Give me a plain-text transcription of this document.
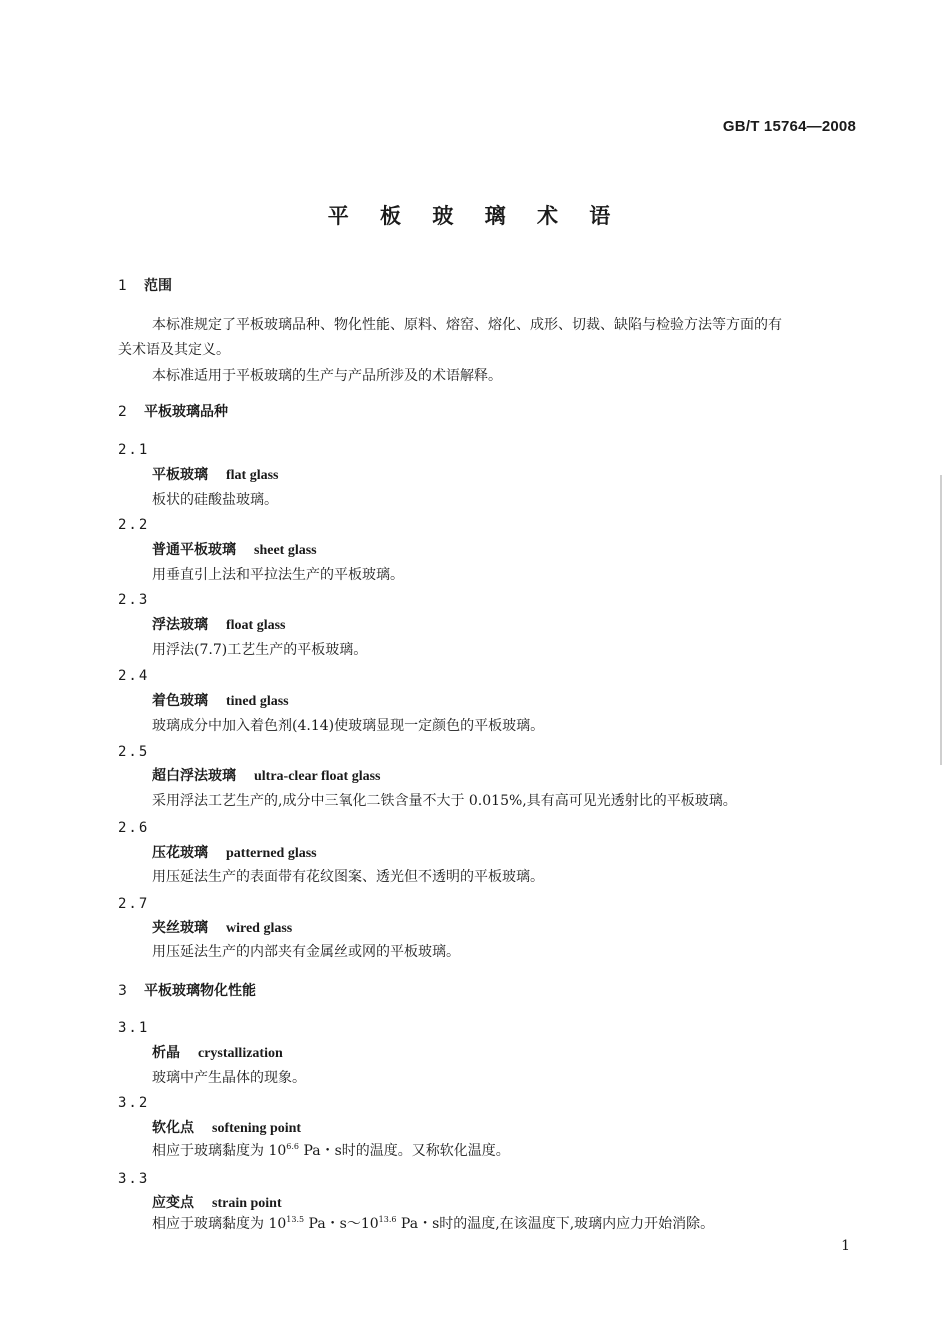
GB/T 15764—2008
平 板 玻 璃 术 语
1 范围
本标准规定了平板玻璃品种、物化性能、原料、熔窑、熔化、成形、切裁、缺陷与检验方法等方面的有
关术语及其定义。
本标准适用于平板玻璃的生产与产品所涉及的术语解释。
2 平板玻璃品种
2.1
平板玻璃 flat glass
板状的硅酸盐玻璃。
2.2
普通平板玻璃 sheet glass
用垂直引上法和平拉法生产的平板玻璃。
2.3
浮法玻璃 float glass
用浮法(7.7)工艺生产的平板玻璃。
2.4
着色玻璃 tined glass
玻璃成分中加入着色剂(4.14)使玻璃显现一定颜色的平板玻璃。
2.5
超白浮法玻璃 ultra-clear float glass
采用浮法工艺生产的,成分中三氧化二铁含量不大于 0.015%,具有高可见光透射比的平板玻璃。
2.6
压花玻璃 patterned glass
用压延法生产的表面带有花纹图案、透光但不透明的平板玻璃。
2.7
夹丝玻璃 wired glass
用压延法生产的内部夹有金属丝或网的平板玻璃。
3 平板玻璃物化性能
3.1
析晶 crystallization
玻璃中产生晶体的现象。
3.2
软化点 softening point
相应于玻璃黏度为 $10^{6.6}$ Pa・s时的温度。又称软化温度。
3.3
应变点 strain point
相应于玻璃黏度为 $10^{13.5}$ Pa・$s\sim 10^{13.6}$ Pa・s时的温度,在该温度下,玻璃内应力开始消除。
1
